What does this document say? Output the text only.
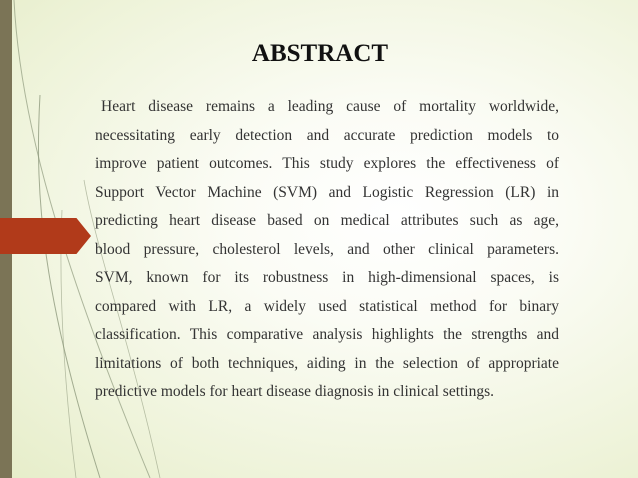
ABSTRACT
Heart disease remains a leading cause of mortality worldwide,
necessitating early detection and accurate prediction models to
improve patient outcomes. This study explores the effectiveness of
Support Vector Machine (SVM) and Logistic Regression (LR) in
predicting heart disease based on medical attributes such as age,
blood pressure, cholesterol levels, and other clinical parameters.
SVM, known for its robustness in high-dimensional spaces, is
compared with LR, a widely used statistical method for binary
classification. This comparative analysis highlights the strengths and
limitations of both techniques, aiding in the selection of appropriate
predictive models for heart disease diagnosis in clinical settings.
